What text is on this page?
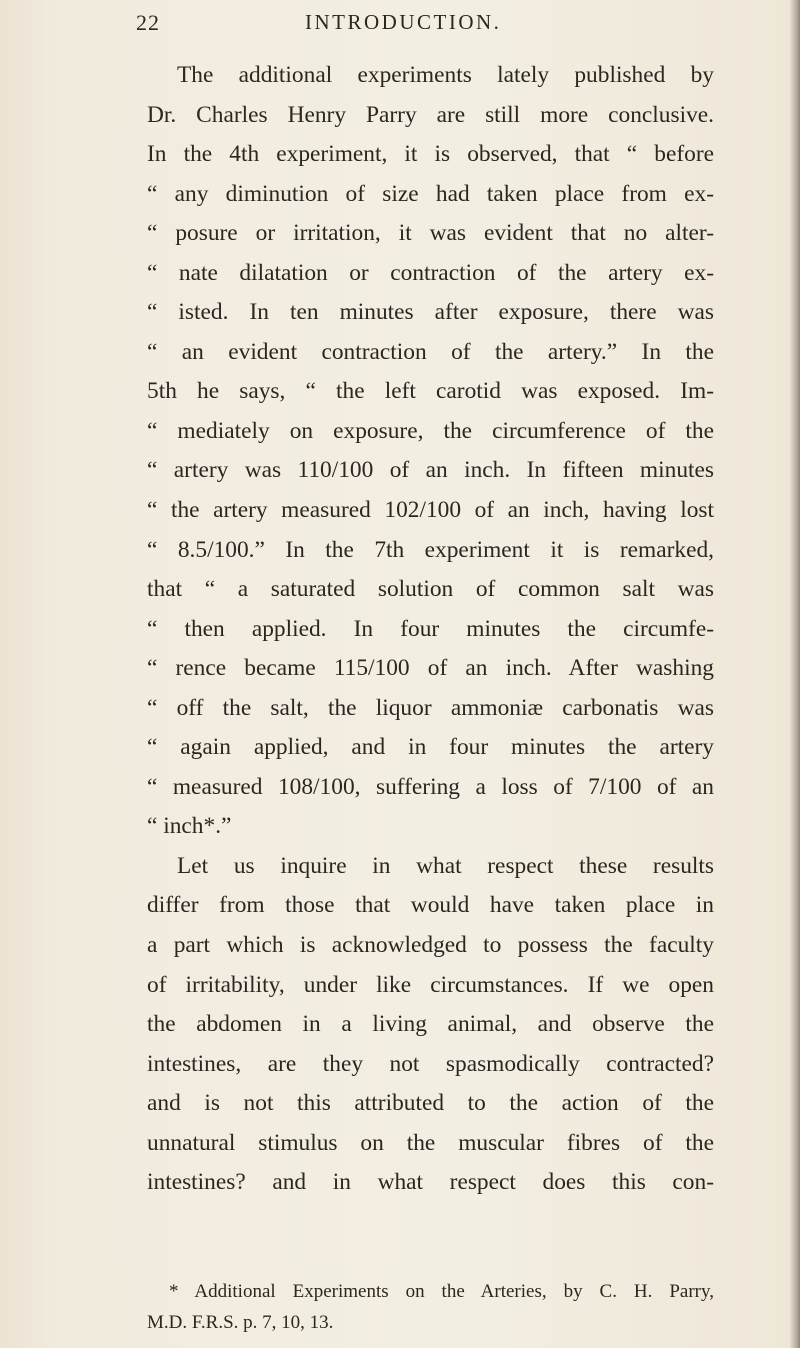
22	INTRODUCTION.
The additional experiments lately published by
Dr. Charles Henry Parry are still more conclusive.
In the 4th experiment, it is observed, that “ before
“ any diminution of size had taken place from ex-
“ posure or irritation, it was evident that no alter-
“ nate dilatation or contraction of the artery ex-
“ isted. In ten minutes after exposure, there was
“ an evident contraction of the artery.” In the
5th he says, “ the left carotid was exposed. Im-
“ mediately on exposure, the circumference of the
“ artery was 110/100 of an inch. In fifteen minutes
“ the artery measured 102/100 of an inch, having lost
“ 8.5/100.” In the 7th experiment it is remarked,
that “ a saturated solution of common salt was
“ then applied. In four minutes the circumfe-
“ rence became 115/100 of an inch. After washing
“ off the salt, the liquor ammoniæ carbonatis was
“ again applied, and in four minutes the artery
“ measured 108/100, suffering a loss of 7/100 of an
“ inch*.”
Let us inquire in what respect these results
differ from those that would have taken place in
a part which is acknowledged to possess the faculty
of irritability, under like circumstances. If we open
the abdomen in a living animal, and observe the
intestines, are they not spasmodically contracted?
and is not this attributed to the action of the
unnatural stimulus on the muscular fibres of the
intestines? and in what respect does this con-
* Additional Experiments on the Arteries, by C. H. Parry,
M.D. F.R.S. p. 7, 10, 13.
